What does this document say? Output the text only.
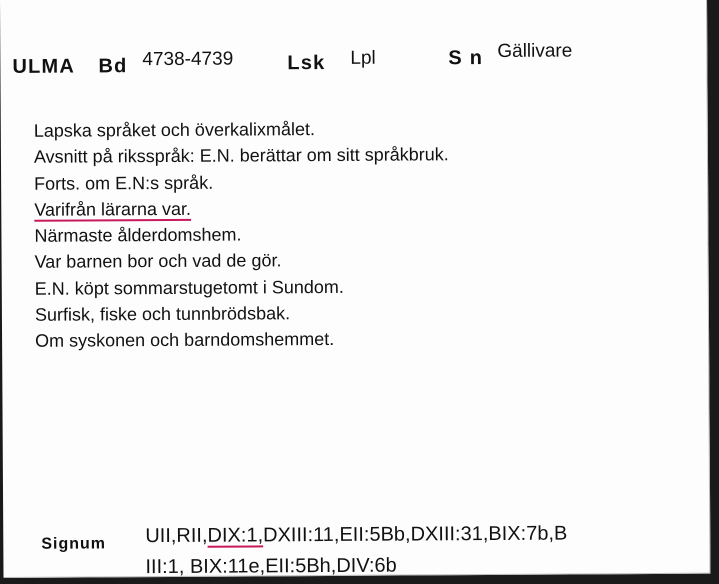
ULMA Bd 4738-4739	Lsk Lpl	S n Gällivare
Lapska språket och överkalixmålet.
Avsnitt på riksspråk: E.N. berättar om sitt språkbruk.
Forts. om E.N:s språk.
Varifrån lärarna var.
Närmaste ålderdomshem.
Var barnen bor och vad de gör.
E.N. köpt sommarstugetomt i Sundom.
Surfisk, fiske och tunnbrödsbak.
Om syskonen och barndomshemmet.
Signum UII,RII,DIX:1,DXIII:11,EII:5Bb,DXIII:31,BIX:7b,B
III:1, BIX:11e,EII:5Bh,DIV:6b
